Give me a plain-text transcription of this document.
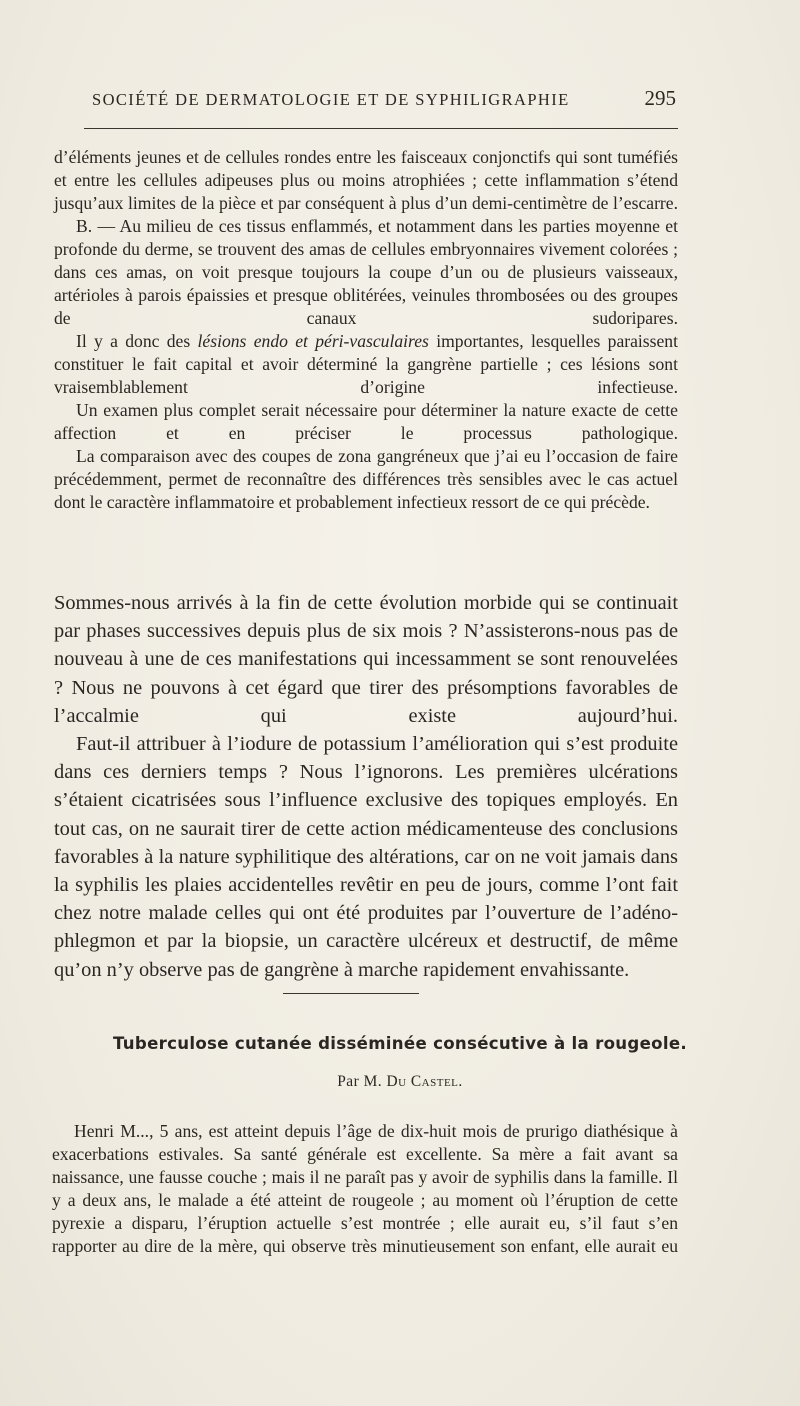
SOCIÉTÉ DE DERMATOLOGIE ET DE SYPHILIGRAPHIE	295

d’éléments jeunes et de cellules rondes entre les faisceaux conjonctifs qui sont tuméfiés et entre les cellules adipeuses plus ou moins atrophiées ; cette inflammation s’étend jusqu’aux limites de la pièce et par conséquent à plus d’un demi-centimètre de l’escarre.

B. — Au milieu de ces tissus enflammés, et notamment dans les parties moyenne et profonde du derme, se trouvent des amas de cellules embryonnaires vivement colorées ; dans ces amas, on voit presque toujours la coupe d’un ou de plusieurs vaisseaux, artérioles à parois épaissies et presque oblitérées, veinules thrombosées ou des groupes de canaux sudoripares.

Il y a donc des lésions endo et péri-vasculaires importantes, lesquelles paraissent constituer le fait capital et avoir déterminé la gangrène partielle ; ces lésions sont vraisemblablement d’origine infectieuse.

Un examen plus complet serait nécessaire pour déterminer la nature exacte de cette affection et en préciser le processus pathologique.

La comparaison avec des coupes de zona gangréneux que j’ai eu l’occasion de faire précédemment, permet de reconnaître des différences très sensibles avec le cas actuel dont le caractère inflammatoire et probablement infectieux ressort de ce qui précède.

Sommes-nous arrivés à la fin de cette évolution morbide qui se continuait par phases successives depuis plus de six mois ? N’assisterons-nous pas de nouveau à une de ces manifestations qui incessamment se sont renouvelées ? Nous ne pouvons à cet égard que tirer des présomptions favorables de l’accalmie qui existe aujourd’hui.

Faut-il attribuer à l’iodure de potassium l’amélioration qui s’est produite dans ces derniers temps ? Nous l’ignorons. Les premières ulcérations s’étaient cicatrisées sous l’influence exclusive des topiques employés. En tout cas, on ne saurait tirer de cette action médicamenteuse des conclusions favorables à la nature syphilitique des altérations, car on ne voit jamais dans la syphilis les plaies accidentelles revêtir en peu de jours, comme l’ont fait chez notre malade celles qui ont été produites par l’ouverture de l’adéno-phlegmon et par la biopsie, un caractère ulcéreux et destructif, de même qu’on n’y observe pas de gangrène à marche rapidement envahissante.

Tuberculose cutanée disséminée consécutive à la rougeole.
Par M. Du Castel.

Henri M..., 5 ans, est atteint depuis l’âge de dix-huit mois de prurigo diathésique à exacerbations estivales. Sa santé générale est excellente. Sa mère a fait avant sa naissance, une fausse couche ; mais il ne paraît pas y avoir de syphilis dans la famille. Il y a deux ans, le malade a été atteint de rougeole ; au moment où l’éruption de cette pyrexie a disparu, l’éruption actuelle s’est montrée ; elle aurait eu, s’il faut s’en rapporter au dire de la mère, qui observe très minutieusement son enfant, elle aurait eu
